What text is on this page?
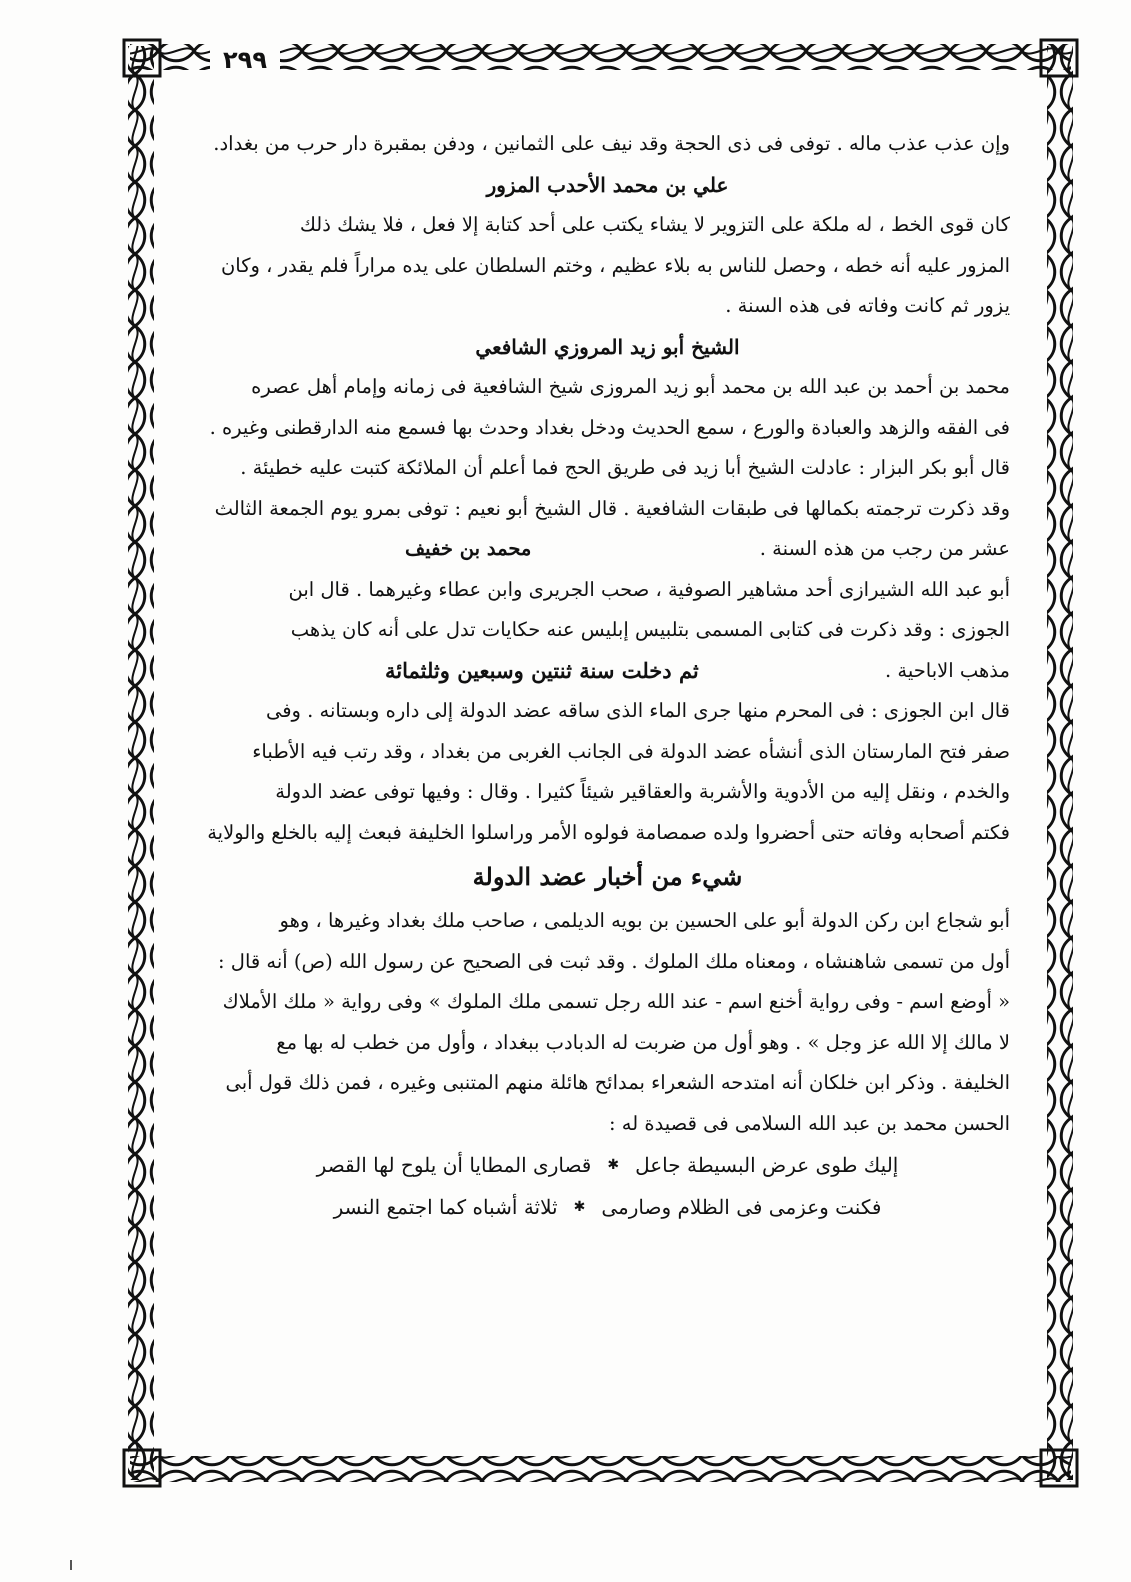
٢٩٩
وإن عذب عذب ماله . توفى فى ذى الحجة وقد نيف على الثمانين ، ودفن بمقبرة دار حرب من بغداد.
علي بن محمد الأحدب المزور
كان قوى الخط ، له ملكة على التزوير لا يشاء يكتب على أحد كتابة إلا فعل ، فلا يشك ذلك
المزور عليه أنه خطه ، وحصل للناس به بلاء عظيم ، وختم السلطان على يده مراراً فلم يقدر ، وكان
يزور ثم كانت وفاته فى هذه السنة .
الشيخ أبو زيد المروزي الشافعي
محمد بن أحمد بن عبد الله بن محمد أبو زيد المروزى شيخ الشافعية فى زمانه وإمام أهل عصره
فى الفقه والزهد والعبادة والورع ، سمع الحديث ودخل بغداد وحدث بها فسمع منه الدارقطنى وغيره .
قال أبو بكر البزار : عادلت الشيخ أبا زيد فى طريق الحج فما أعلم أن الملائكة كتبت عليه خطيئة .
وقد ذكرت ترجمته بكمالها فى طبقات الشافعية . قال الشيخ أبو نعيم : توفى بمرو يوم الجمعة الثالث
عشر من رجب من هذه السنة .
محمد بن خفيف
أبو عبد الله الشيرازى أحد مشاهير الصوفية ، صحب الجريرى وابن عطاء وغيرهما . قال ابن
الجوزى : وقد ذكرت فى كتابى المسمى بتلبيس إبليس عنه حكايات تدل على أنه كان يذهب
مذهب الاباحية .
ثم دخلت سنة ثنتين وسبعين وثلثمائة
قال ابن الجوزى : فى المحرم منها جرى الماء الذى ساقه عضد الدولة إلى داره وبستانه . وفى
صفر فتح المارستان الذى أنشأه عضد الدولة فى الجانب الغربى من بغداد ، وقد رتب فيه الأطباء
والخدم ، ونقل إليه من الأدوية والأشربة والعقاقير شيئاً كثيرا . وقال : وفيها توفى عضد الدولة
فكتم أصحابه وفاته حتى أحضروا ولده صمصامة فولوه الأمر وراسلوا الخليفة فبعث إليه بالخلع والولاية
شيء من أخبار عضد الدولة
أبو شجاع ابن ركن الدولة أبو على الحسين بن بويه الديلمى ، صاحب ملك بغداد وغيرها ، وهو
أول من تسمى شاهنشاه ، ومعناه ملك الملوك . وقد ثبت فى الصحيح عن رسول الله (ص) أنه قال :
« أوضع اسم - وفى رواية أخنع اسم - عند الله رجل تسمى ملك الملوك » وفى رواية « ملك الأملاك
لا مالك إلا الله عز وجل » . وهو أول من ضربت له الدبادب ببغداد ، وأول من خطب له بها مع
الخليفة . وذكر ابن خلكان أنه امتدحه الشعراء بمدائح هائلة منهم المتنبى وغيره ، فمن ذلك قول أبى
الحسن محمد بن عبد الله السلامى فى قصيدة له :
إليك طوى عرض البسيطة جاعل
✱
قصارى المطايا أن يلوح لها القصر
فكنت وعزمى فى الظلام وصارمى
✱
ثلاثة أشباه كما اجتمع النسر
